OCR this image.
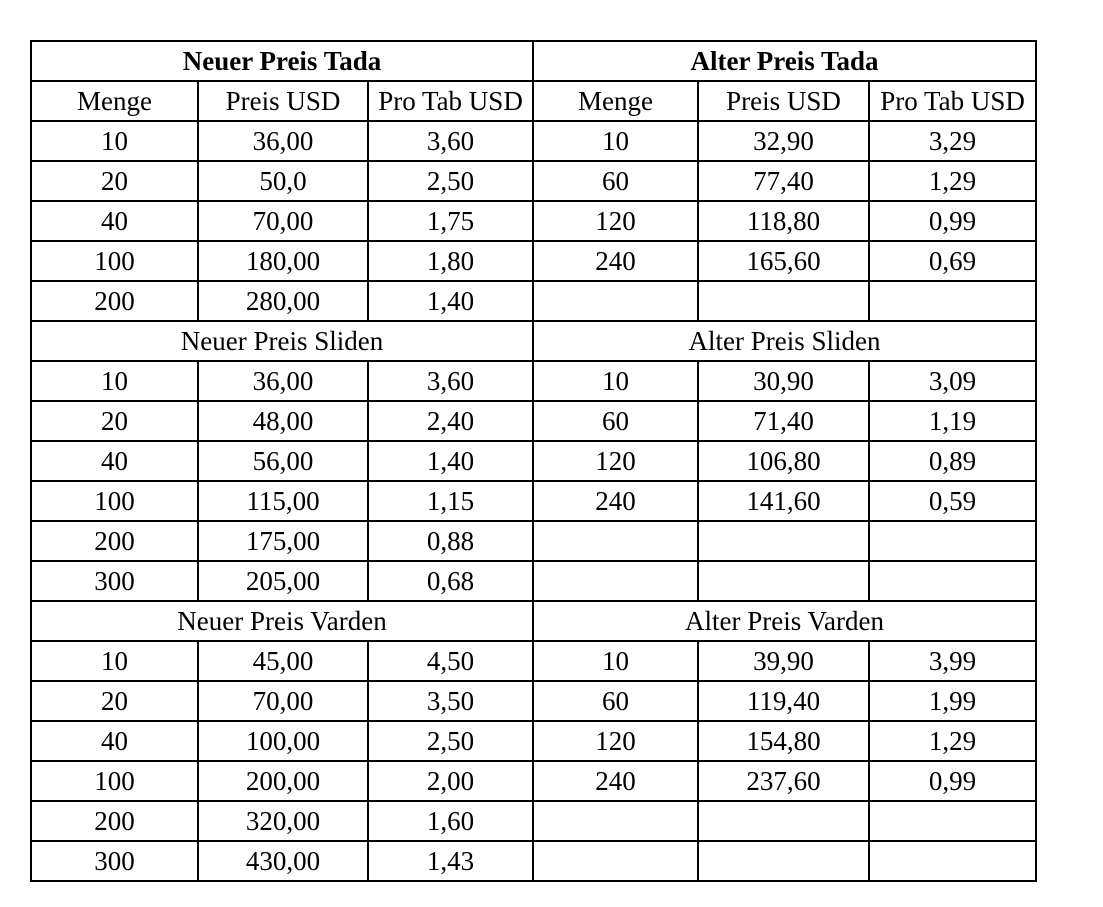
Neuer Preis Tada			Alter Preis Tada		
Menge	Preis USD	Pro Tab USD	Menge	Preis USD	Pro Tab USD
10	36,00	3,60	10	32,90	3,29
20	50,0	2,50	60	77,40	1,29
40	70,00	1,75	120	118,80	0,99
100	180,00	1,80	240	165,60	0,69
200	280,00	1,40			
Neuer Preis Sliden			Alter Preis Sliden		
10	36,00	3,60	10	30,90	3,09
20	48,00	2,40	60	71,40	1,19
40	56,00	1,40	120	106,80	0,89
100	115,00	1,15	240	141,60	0,59
200	175,00	0,88			
300	205,00	0,68			
Neuer Preis Varden			Alter Preis Varden		
10	45,00	4,50	10	39,90	3,99
20	70,00	3,50	60	119,40	1,99
40	100,00	2,50	120	154,80	1,29
100	200,00	2,00	240	237,60	0,99
200	320,00	1,60			
300	430,00	1,43			
